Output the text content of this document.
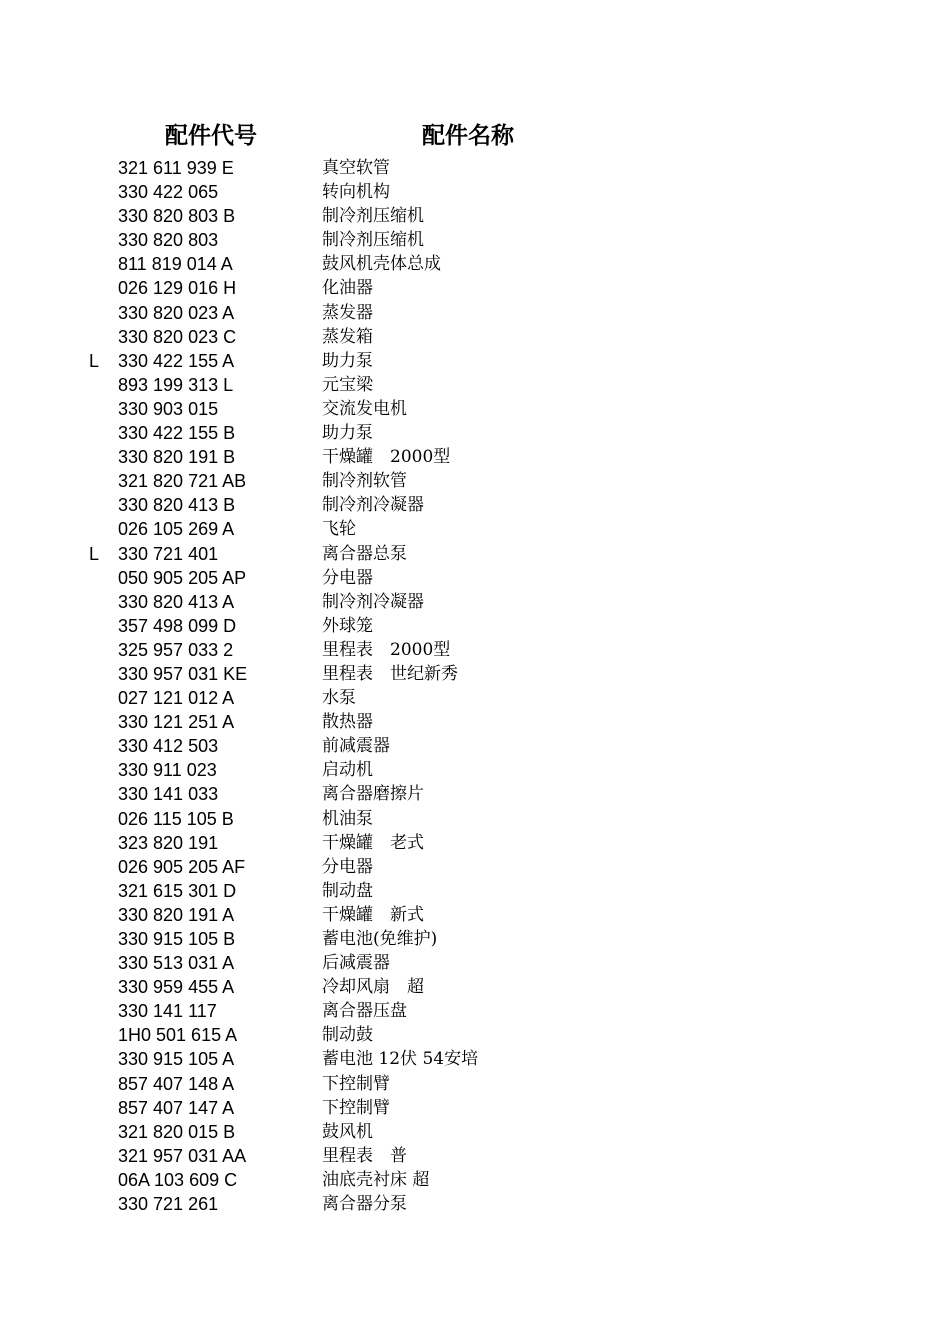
配件代号	配件名称
321 611 939 E	真空软管
330 422 065	转向机构
330 820 803 B	制冷剂压缩机
330 820 803	制冷剂压缩机
811 819 014 A	鼓风机壳体总成
026 129 016 H	化油器
330 820 023 A	蒸发器
330 820 023 C	蒸发箱
L 330 422 155 A	助力泵
893 199 313 L	元宝梁
330 903 015	交流发电机
330 422 155 B	助力泵
330 820 191 B	干燥罐　2000型
321 820 721 AB	制冷剂软管
330 820 413 B	制冷剂冷凝器
026 105 269 A	飞轮
L 330 721 401	离合器总泵
050 905 205 AP	分电器
330 820 413 A	制冷剂冷凝器
357 498 099 D	外球笼
325 957 033 2	里程表　2000型
330 957 031 KE	里程表　世纪新秀
027 121 012 A	水泵
330 121 251 A	散热器
330 412 503	前减震器
330 911 023	启动机
330 141 033	离合器磨擦片
026 115 105 B	机油泵
323 820 191	干燥罐　老式
026 905 205 AF	分电器
321 615 301 D	制动盘
330 820 191 A	干燥罐　新式
330 915 105 B	蓄电池(免维护)
330 513 031 A	后减震器
330 959 455 A	冷却风扇　超
330 141 117	离合器压盘
1H0 501 615 A	制动鼓
330 915 105 A	蓄电池 12伏 54安培
857 407 148 A	下控制臂
857 407 147 A	下控制臂
321 820 015 B	鼓风机
321 957 031 AA	里程表　普
06A 103 609 C	油底壳衬床 超
330 721 261	离合器分泵
